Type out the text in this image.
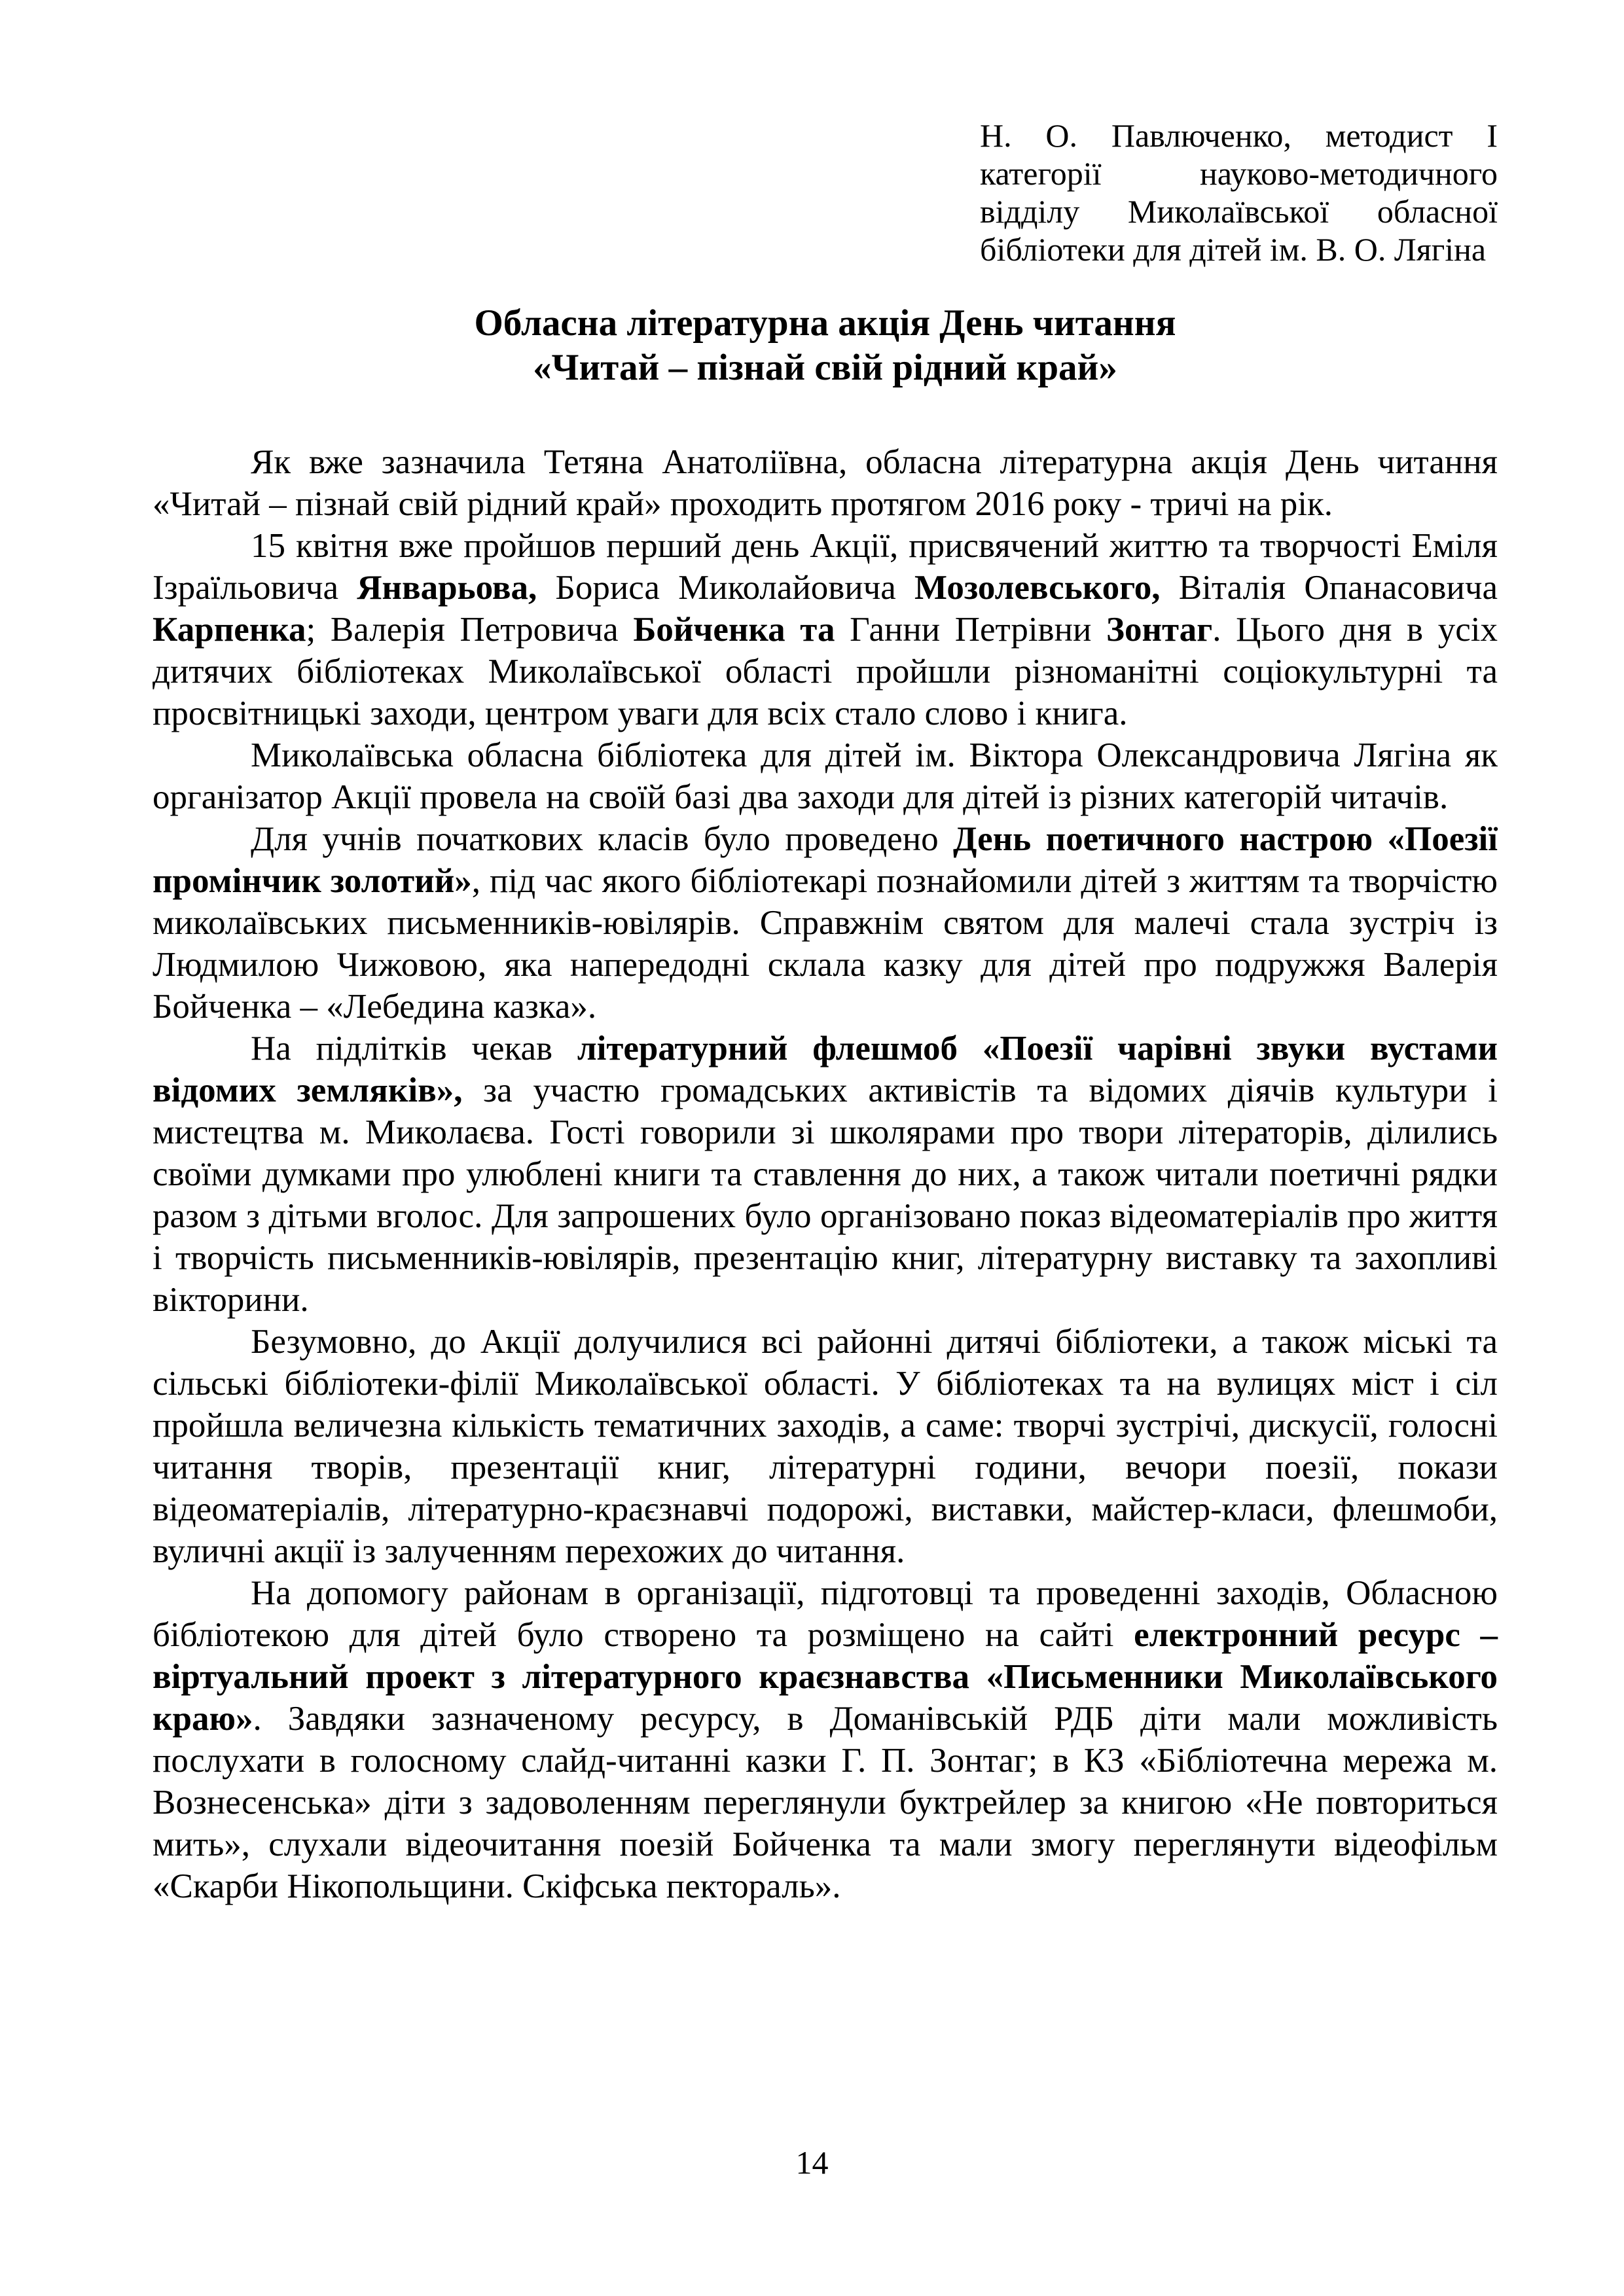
Н. О. Павлюченко, методист І категорії науково-методичного відділу Миколаївської обласної бібліотеки для дітей ім. В. О. Лягіна
Обласна літературна акція День читання
«Читай – пізнай свій рідний край»

Як вже зазначила Тетяна Анатоліївна, обласна літературна акція День читання «Читай – пізнай свій рідний край» проходить протягом 2016 року - тричі на рік.

15 квітня вже пройшов перший день Акції, присвячений життю та творчості Еміля Ізраїльовича Январьова, Бориса Миколайовича Мозолевського, Віталія Опанасовича Карпенка; Валерія Петровича Бойченка та Ганни Петрівни Зонтаг. Цього дня в усіх дитячих бібліотеках Миколаївської області пройшли різноманітні соціокультурні та просвітницькі заходи, центром уваги для всіх стало слово і книга.

Миколаївська обласна бібліотека для дітей ім. Віктора Олександровича Лягіна як організатор Акції провела на своїй базі два заходи для дітей із різних категорій читачів.

Для учнів початкових класів було проведено День поетичного настрою «Поезії промінчик золотий», під час якого бібліотекарі познайомили дітей з життям та творчістю миколаївських письменників-ювілярів. Справжнім святом для малечі стала зустріч із Людмилою Чижовою, яка напередодні склала казку для дітей про подружжя Валерія Бойченка – «Лебедина казка».

На підлітків чекав літературний флешмоб «Поезії чарівні звуки вустами відомих земляків», за участю громадських активістів та відомих діячів культури і мистецтва м. Миколаєва. Гості говорили зі школярами про твори літераторів, ділились своїми думками про улюблені книги та ставлення до них, а також читали поетичні рядки разом з дітьми вголос. Для запрошених було організовано показ відеоматеріалів про життя і творчість письменників-ювілярів, презентацію книг, літературну виставку та захопливі вікторини.

Безумовно, до Акції долучилися всі районні дитячі бібліотеки, а також міські та сільські бібліотеки-філії Миколаївської області. У бібліотеках та на вулицях міст і сіл пройшла величезна кількість тематичних заходів, а саме: творчі зустрічі, дискусії, голосні читання творів, презентації книг, літературні години, вечори поезії, покази відеоматеріалів, літературно-краєзнавчі подорожі, виставки, майстер-класи, флешмоби, вуличні акції із залученням перехожих до читання.

На допомогу районам в організації, підготовці та проведенні заходів, Обласною бібліотекою для дітей було створено та розміщено на сайті електронний ресурс – віртуальний проект з літературного краєзнавства «Письменники Миколаївського краю». Завдяки зазначеному ресурсу, в Доманівській РДБ діти мали можливість послухати в голосному слайд-читанні казки Г. П. Зонтаг; в КЗ «Бібліотечна мережа м. Вознесенська» діти з задоволенням переглянули буктрейлер за книгою «Не повториться мить», слухали відеочитання поезій Бойченка та мали змогу переглянути відеофільм «Скарби Нікопольщини. Скіфська пектораль».

14
